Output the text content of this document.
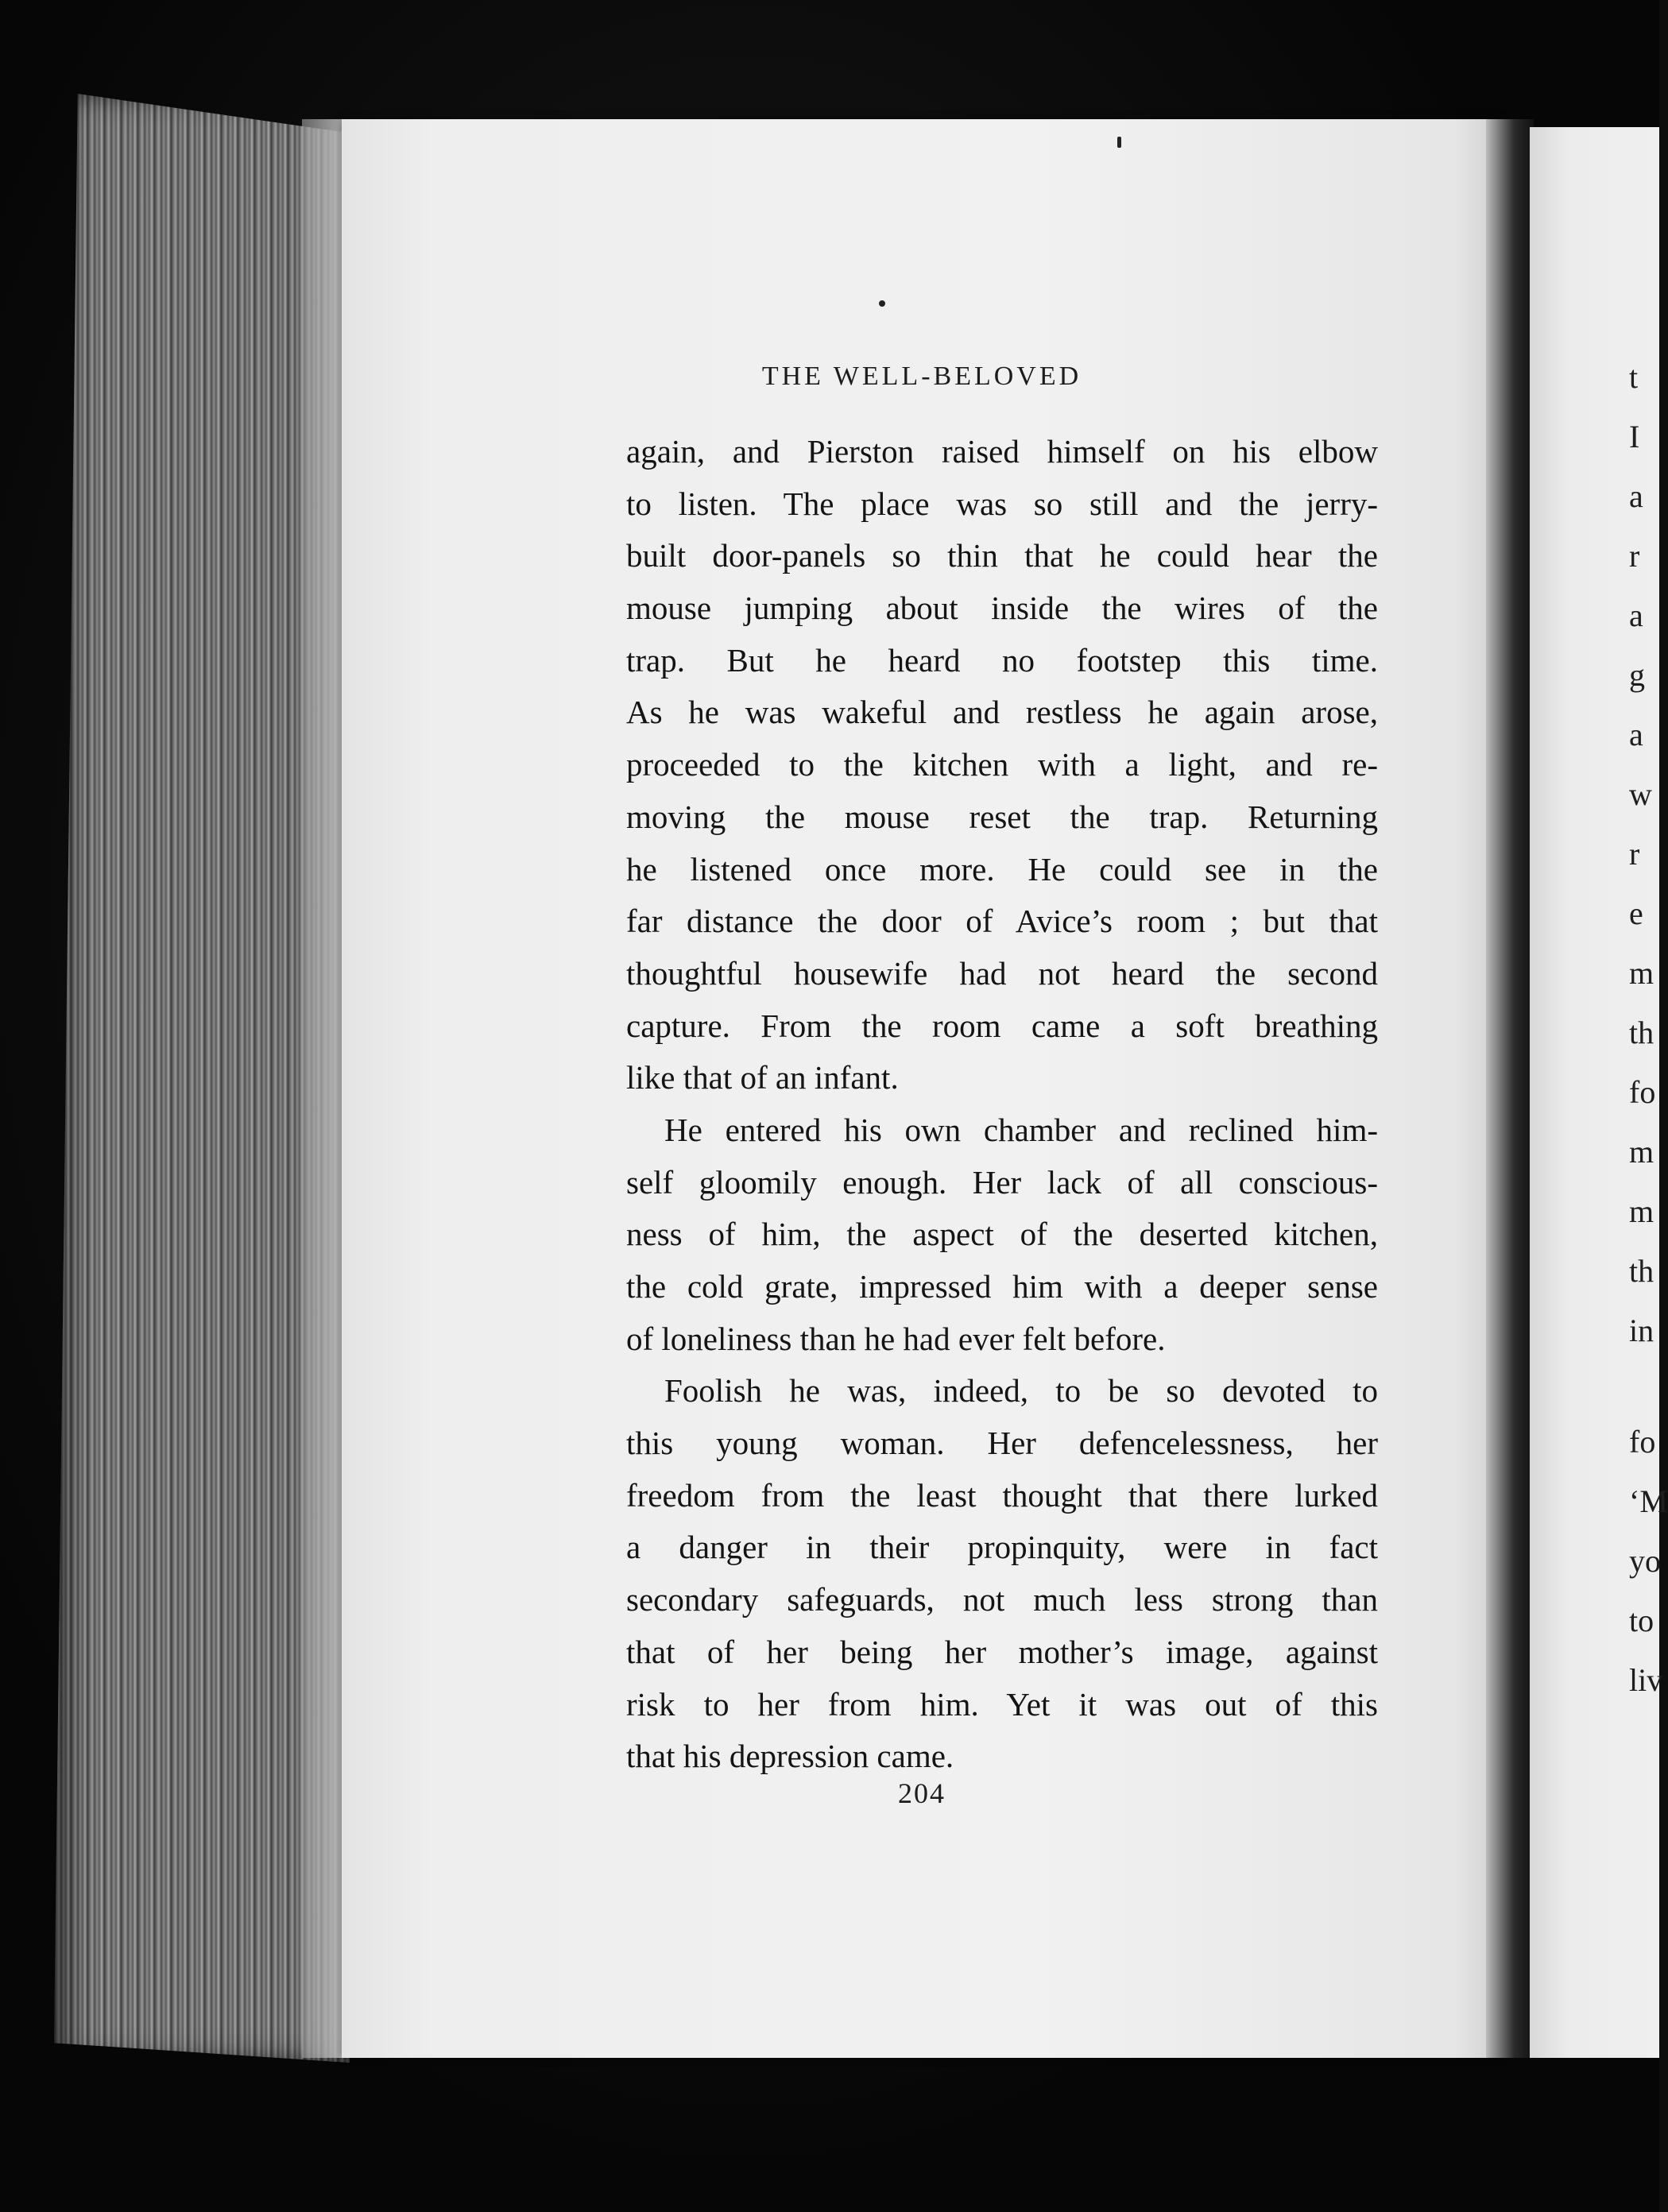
t
I
a
r
a
g
a
w
r
e
m
th
fo
m
m
th
in
fo
‘M
yo
to
liv
THE WELL-BELOVED
again, and Pierston raised himself on his elbow
to listen. The place was so still and the jerry-
built door-panels so thin that he could hear the
mouse jumping about inside the wires of the
trap. But he heard no footstep this time.
As he was wakeful and restless he again arose,
proceeded to the kitchen with a light, and re-
moving the mouse reset the trap. Returning
he listened once more. He could see in the
far distance the door of Avice’s room ; but that
thoughtful housewife had not heard the second
capture. From the room came a soft breathing
like that of an infant.
He entered his own chamber and reclined him-
self gloomily enough. Her lack of all conscious-
ness of him, the aspect of the deserted kitchen,
the cold grate, impressed him with a deeper sense
of loneliness than he had ever felt before.
Foolish he was, indeed, to be so devoted to
this young woman. Her defencelessness, her
freedom from the least thought that there lurked
a danger in their propinquity, were in fact
secondary safeguards, not much less strong than
that of her being her mother’s image, against
risk to her from him. Yet it was out of this
that his depression came.
204
